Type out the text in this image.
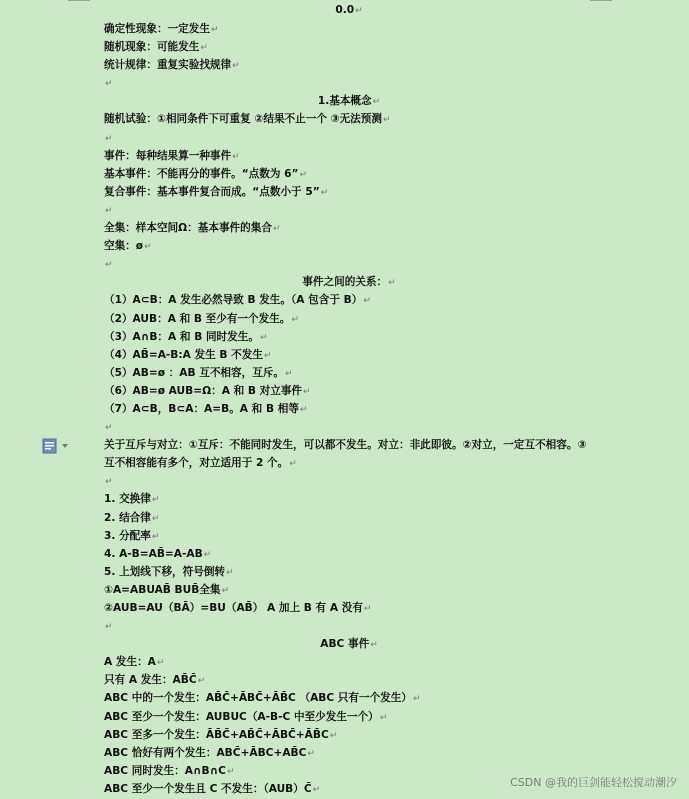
0.0↵
确定性现象：一定发生↵
随机现象：可能发生↵
统计规律：重复实验找规律↵
↵
1.基本概念↵
随机试验：①相同条件下可重复 ②结果不止一个 ③无法预测↵
↵
事件：每种结果算一种事件↵
基本事件：不能再分的事件。“点数为 6”↵
复合事件：基本事件复合而成。“点数小于 5”↵
↵
全集：样本空间Ω：基本事件的集合↵
空集：ø↵
↵
事件之间的关系：↵
（1）A⊂B：A 发生必然导致 B 发生。（A 包含于 B）↵
（2）AUB：A 和 B 至少有一个发生。↵
（3）A∩B：A 和 B 同时发生。↵
（4）AB̄=A-B:A 发生 B 不发生↵
（5）AB=ø ：AB 互不相容，互斥。↵
（6）AB=ø AUB=Ω：A 和 B 对立事件↵
（7）A⊂B，B⊂A：A=B。A 和 B 相等↵
↵
关于互斥与对立：①互斥：不能同时发生，可以都不发生。对立：非此即彼。②对立，一定互不相容。③互不相容能有多个，对立适用于 2 个。↵
↵
1. 交换律↵
2. 结合律↵
3. 分配率↵
4. A-B=AB̄=A-AB↵
5. 上划线下移，符号倒转↵
①A=ABUAB̄ BUB̄全集↵
②AUB=AU（BĀ）=BU（AB̄） A 加上 B 有 A 没有↵
↵
ABC 事件↵
A 发生：A↵
只有 A 发生：AB̄C̄↵
ABC 中的一个发生：AB̄C̄+ĀBC̄+ĀB̄C （ABC 只有一个发生）↵
ABC 至少一个发生：AUBUC（A-B-C 中至少发生一个）↵
ABC 至多一个发生：ĀB̄C̄+AB̄C̄+ĀBC̄+ĀB̄C↵
ABC 恰好有两个发生：ABC̄+ĀBC+AB̄C↵
ABC 同时发生：A∩B∩C↵
ABC 至少一个发生且 C 不发生：（AUB）C̄↵
CSDN @我的巨剑能轻松搅动潮汐
